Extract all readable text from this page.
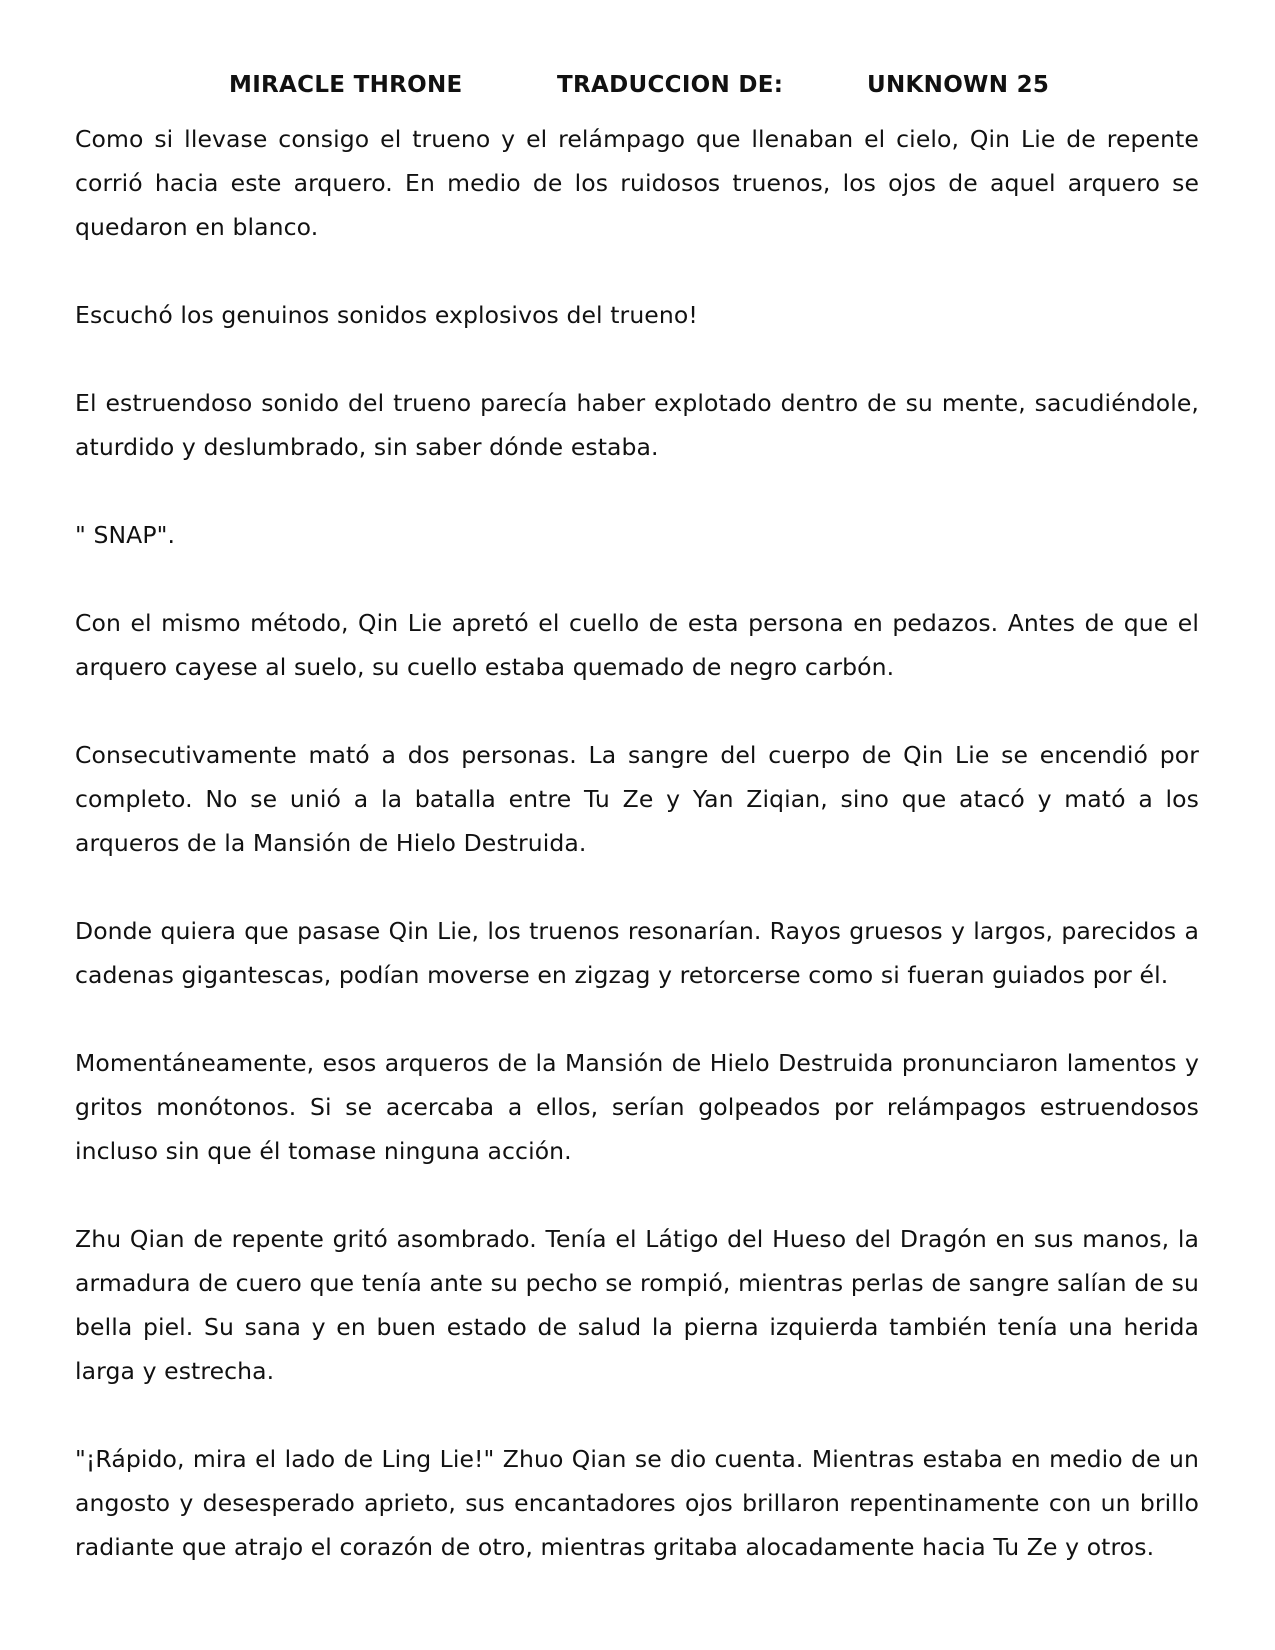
MIRACLE THRONE	TRADUCCION DE:	UNKNOWN 25

Como si llevase consigo el trueno y el relámpago que llenaban el cielo, Qin Lie de repente corrió hacia este arquero. En medio de los ruidosos truenos, los ojos de aquel arquero se quedaron en blanco.

Escuchó los genuinos sonidos explosivos del trueno!

El estruendoso sonido del trueno parecía haber explotado dentro de su mente, sacudiéndole, aturdido y deslumbrado, sin saber dónde estaba.

" SNAP".

Con el mismo método, Qin Lie apretó el cuello de esta persona en pedazos. Antes de que el arquero cayese al suelo, su cuello estaba quemado de negro carbón.

Consecutivamente mató a dos personas. La sangre del cuerpo de Qin Lie se encendió por completo. No se unió a la batalla entre Tu Ze y Yan Ziqian, sino que atacó y mató a los arqueros de la Mansión de Hielo Destruida.

Donde quiera que pasase Qin Lie, los truenos resonarían. Rayos gruesos y largos, parecidos a cadenas gigantescas, podían moverse en zigzag y retorcerse como si fueran guiados por él.

Momentáneamente, esos arqueros de la Mansión de Hielo Destruida pronunciaron lamentos y gritos monótonos. Si se acercaba a ellos, serían golpeados por relámpagos estruendosos incluso sin que él tomase ninguna acción.

Zhu Qian de repente gritó asombrado. Tenía el Látigo del Hueso del Dragón en sus manos, la armadura de cuero que tenía ante su pecho se rompió, mientras perlas de sangre salían de su bella piel. Su sana y en buen estado de salud la pierna izquierda también tenía una herida larga y estrecha.

"¡Rápido, mira el lado de Ling Lie!" Zhuo Qian se dio cuenta. Mientras estaba en medio de un angosto y desesperado aprieto, sus encantadores ojos brillaron repentinamente con un brillo radiante que atrajo el corazón de otro, mientras gritaba alocadamente hacia Tu Ze y otros.
